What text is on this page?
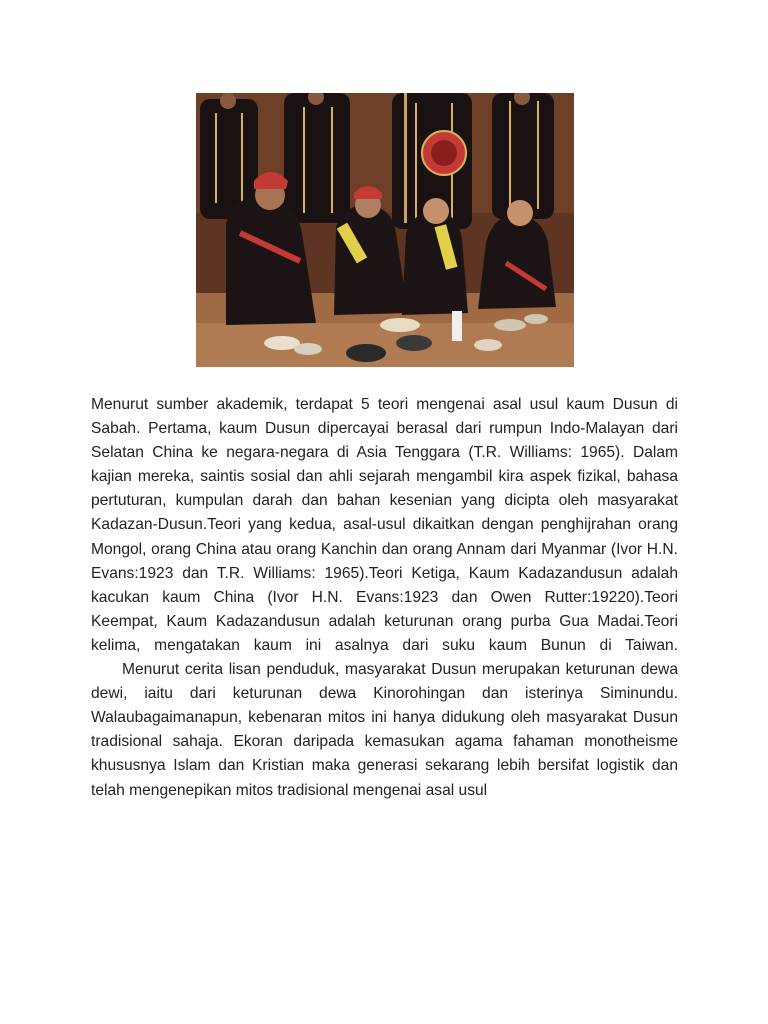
Menurut sumber akademik, terdapat 5 teori mengenai asal usul kaum Dusun di Sabah. Pertama, kaum Dusun dipercayai berasal dari rumpun Indo-Malayan dari Selatan China ke negara-negara di Asia Tenggara (T.R. Williams: 1965). Dalam kajian mereka, saintis sosial dan ahli sejarah mengambil kira aspek fizikal, bahasa pertuturan, kumpulan darah dan bahan kesenian yang dicipta oleh masyarakat Kadazan-Dusun.Teori yang kedua, asal-usul dikaitkan dengan penghijrahan orang Mongol, orang China atau orang Kanchin dan orang Annam dari Myanmar (Ivor H.N. Evans:1923 dan T.R. Williams: 1965).Teori Ketiga, Kaum Kadazandusun adalah kacukan kaum China (Ivor H.N. Evans:1923 dan Owen Rutter:19220).Teori Keempat, Kaum Kadazandusun adalah keturunan orang purba Gua Madai.Teori kelima, mengatakan kaum ini asalnya dari suku kaum Bunun di Taiwan.

Menurut cerita lisan penduduk, masyarakat Dusun merupakan keturunan dewa dewi, iaitu dari keturunan dewa Kinorohingan dan isterinya Siminundu. Walaubagaimanapun, kebenaran mitos ini hanya didukung oleh masyarakat Dusun tradisional sahaja. Ekoran daripada kemasukan agama fahaman monotheisme khususnya Islam dan Kristian maka generasi sekarang lebih bersifat logistik dan telah mengenepikan mitos tradisional mengenai asal usul
